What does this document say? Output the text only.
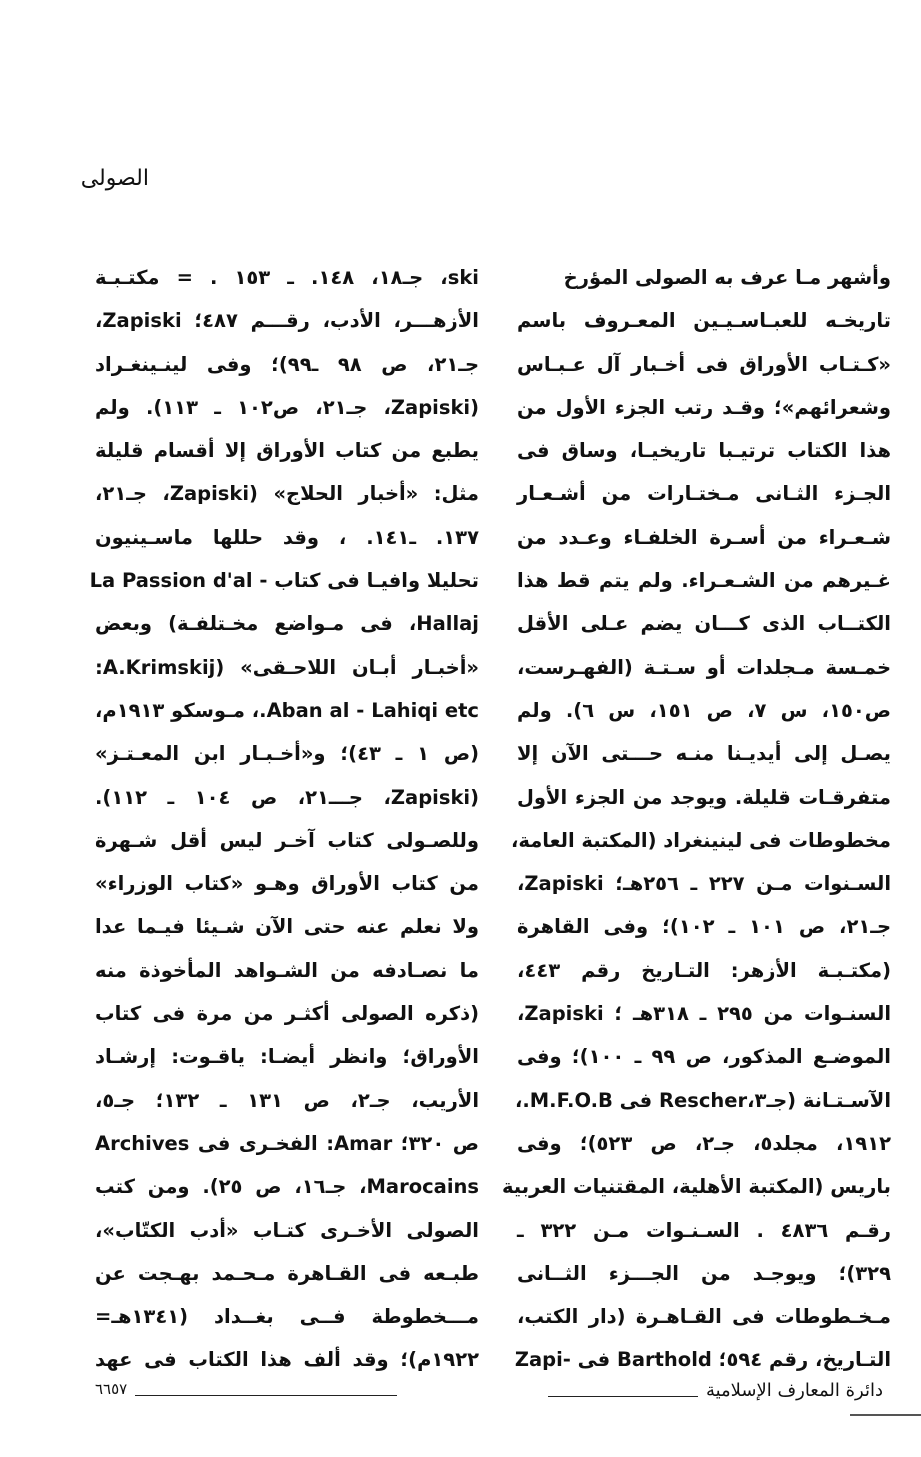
الصولى
وأشهر مـا عرف به الصولى المؤرخ
تاريخـه للعبـاسـيـين المعـروف باسم
«كـتـاب الأوراق فى أخـبار آل عـبـاس
وشعرائهم»؛ وقـد رتب الجزء الأول من
هذا الكتاب ترتيـبا تاريخيـا، وساق فى
الجـزء الثـانى مـختـارات من أشـعـار
شـعـراء من أسـرة الخلفـاء وعـدد من
غـيرهم من الشـعـراء. ولم يتم قط هذا
الكتــاب الذى كـــان يضم عـلى الأقل
خمـسة مـجلدات أو سـتـة (الفهـرست،
ص١٥٠، س ٧، ص ١٥١، س ٦). ولم
يصـل إلى أيديـنا منـه حـــتى الآن إلا
متفرقـات قليلة. ويوجد من الجزء الأول
مخطوطات فى لينينغراد (المكتبة العامة،
السـنوات مـن ٢٢٧ ـ ٢٥٦هـ؛ Zapiski،
جـ٢١، ص ١٠١ ـ ١٠٢)؛ وفى القاهرة
(مكتـبـة الأزهر: التـاريخ رقم ٤٤٣،
السنـوات من ٢٩٥ ـ ٣١٨هـ ؛ Zapiski،
الموضـع المذكور، ص ٩٩ ـ ١٠٠)؛ وفى
الآسـتـانة (جـ٣،Rescher فى M.F.O.B.،
١٩١٢، مجلد٥، جـ٢، ص ٥٢٣)؛ وفى
باريس (المكتبة الأهلية، المقتنيات العربية
رقـم ٤٨٣٦ . السـنـوات مـن ٣٢٢ ـ
٣٢٩)؛ ويوجـد من الجـــزء الثــانى
مـخـطوطات فى القـاهـرة (دار الكتب،
التـاريخ، رقم ٥٩٤؛ Barthold فى -Zapi
ski، جـ١٨، ١٤٨. ـ ١٥٣ . = مكتـبـة
الأزهـــر، الأدب، رقـــم ٤٨٧؛ Zapiski،
جـ٢١، ص ٩٨ ـ٩٩)؛ وفى لينـينغـراد
(Zapiski، جـ٢١، ص١٠٢ ـ ١١٣). ولم
يطبع من كتاب الأوراق إلا أقسام قليلة
مثل: «أخبار الحلاج» (Zapiski، جـ٢١،
١٣٧. ـ١٤١. ، وقد حللها ماسـينيون
تحليلا وافيـا فى كتاب - La Passion d'al
Hallaj، فى مـواضع مخـتلفـة) وبعض
«أخبـار أبـان اللاحـقى» (A.Krimskij:
Aban al - Lahiqi etc.، مـوسكو ١٩١٣م،
(ص ١ ـ ٤٣)؛ و«أخـبـار ابن المعـتـز»
(Zapiski، جـــ٢١، ص ١٠٤ ـ ١١٢).
وللصـولى كتاب آخـر ليس أقل شـهرة
من كتاب الأوراق وهـو «كتاب الوزراء»
ولا نعلم عنه حتى الآن شـيئا فيـما عدا
ما نصـادفه من الشـواهد المأخوذة منه
(ذكره الصولى أكثـر من مرة فى كتاب
الأوراق؛ وانظر أيضـا: ياقـوت: إرشـاد
الأريب، جـ٢، ص ١٣١ ـ ١٣٢؛ جـ٥،
ص ٣٢٠؛ Amar: الفخـرى فى Archives
Marocains، جـ١٦، ص ٢٥). ومن كتب
الصولى الأخـرى كتـاب «أدب الكتّاب»،
طبـعه فى القـاهرة مـحـمد بهـجت عن
مـــخطوطة فــى بغــداد (١٣٤١هـ=
١٩٢٢م)؛ وقد ألف هذا الكتاب فى عهد
دائرة المعارف الإسلامية
٦٦٥٧
